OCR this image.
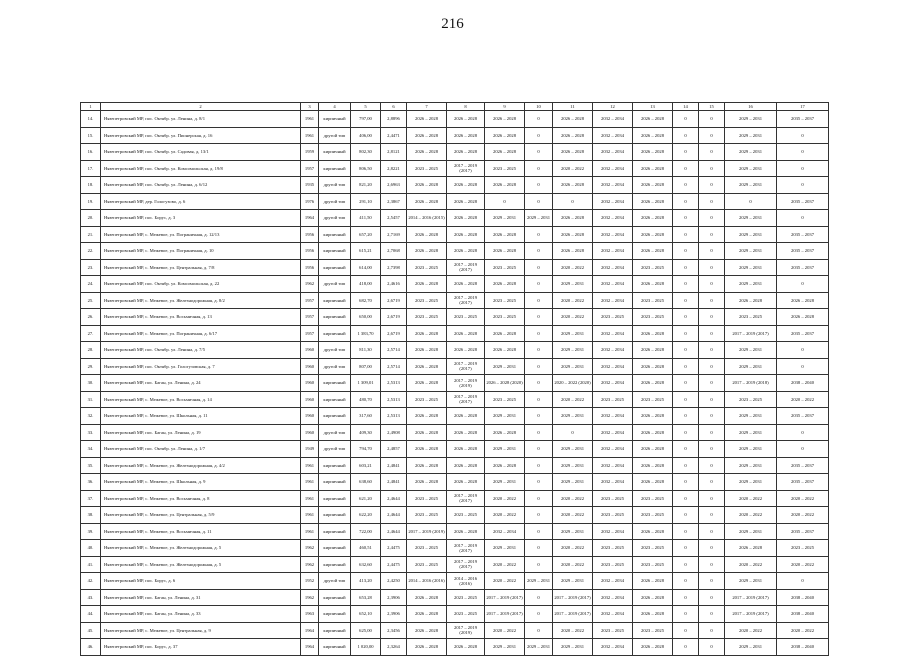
216
1	2	3	4	5	6	7	8	9	10	11	12	13	14	15	16	17
14.	Нязепетровский МР, пос. Октябр. ул. Ленина, д. 8/1	1961	кирпичный	797,00	2,8896	2026 – 2028	2026 – 2028	2026 – 2028	0	2026 – 2028	2032 – 2034	2026 – 2028	0	0	2029 – 2031	2035 – 2037
15.	Нязепетровский МР, пос. Октябр. ул. Пионерская, д. 16	1961	другой тип	406,00	2,4471	2026 – 2028	2026 – 2028	2026 – 2028	0	2026 – 2028	2032 – 2034	2026 – 2028	0	0	2029 – 2031	0
16.	Нязепетровский МР, пос. Октябр. ул. Садовая, д. 13/1	1959	кирпичный	802,30	2,8121	2026 – 2028	2026 – 2028	2026 – 2028	0	2026 – 2028	2032 – 2034	2026 – 2028	0	0	2029 – 2031	0
17.	Нязепетровский МР, пос. Октябр. ул. Комсомольская, д. 19/8	1957	кирпичный	806,50	2,8221	2023 – 2025	2017 – 2019 (2017)	2023 – 2025	0	2020 – 2022	2032 – 2034	2026 – 2028	0	0	2029 – 2031	0
18.	Нязепетровский МР, пос. Октябр. ул. Ленина, д. 6/12	1935	другой тип	821,20	2,6963	2026 – 2028	2026 – 2028	2026 – 2028	0	2026 – 2028	2032 – 2034	2026 – 2028	0	0	2029 – 2031	0
19.	Нязепетровский МР, дер. Гологузово, д. 6	1976	другой тип	291,10	2,3867	2026 – 2028	2026 – 2028	0	0	0	2032 – 2034	2026 – 2028	0	0	0	2035 – 2037
20.	Нязепетровский МР, пос. Борус, д. 3	1964	другой тип	411,50	2,5457	2014 – 2016 (2015)	2026 – 2028	2029 – 2031	2029 – 2031	2026 – 2028	2032 – 2034	2026 – 2028	0	0	2029 – 2031	0
21.	Нязепетровский МР, с. Межевое, ул. Пограничная, д. 12/13	1956	кирпичный	657,20	2,7169	2026 – 2028	2026 – 2028	2026 – 2028	0	2026 – 2028	2032 – 2034	2026 – 2028	0	0	2029 – 2031	2035 – 2037
22.	Нязепетровский МР, с. Межевое, ул. Пограничная, д. 10	1956	кирпичный	615,21	2,7068	2026 – 2028	2026 – 2028	2026 – 2028	0	2026 – 2028	2032 – 2034	2026 – 2028	0	0	2029 – 2031	2035 – 2037
23.	Нязепетровский МР, с. Межевое, ул. Центральная, д. 7/8	1956	кирпичный	614,00	2,7398	2023 – 2025	2017 – 2019 (2017)	2023 – 2025	0	2020 – 2022	2032 – 2034	2023 – 2025	0	0	2029 – 2031	2035 – 2037
24.	Нязепетровский МР, пос. Октябр. ул. Комсомольская, д. 22	1962	другой тип	418,00	2,4616	2026 – 2028	2026 – 2028	2026 – 2028	0	2029 – 2031	2032 – 2034	2026 – 2028	0	0	2029 – 2031	0
25.	Нязепетровский МР, с. Межевое, ул. Железнодорожная, д. 8/2	1957	кирпичный	682,70	2,6719	2023 – 2025	2017 – 2019 (2017)	2023 – 2025	0	2020 – 2022	2032 – 2034	2023 – 2025	0	0	2026 – 2028	2026 – 2028
26.	Нязепетровский МР, с. Межевое, ул. Восьмичная, д. 13	1957	кирпичный	650,00	2,6719	2023 – 2025	2023 – 2025	2023 – 2025	0	2020 – 2022	2023 – 2025	2023 – 2025	0	0	2023 – 2025	2026 – 2028
27.	Нязепетровский МР, с. Межевое, ул. Пограничная, д. 6/17	1957	кирпичный	1 383,70	2,6719	2026 – 2028	2026 – 2028	2026 – 2028	0	2029 – 2031	2032 – 2034	2026 – 2028	0	0	2017 – 2019 (2017)	2035 – 2037
28.	Нязепетровский МР, пос. Октябр. ул. Ленина, д. 7/5	1960	другой тип	811,30	2,5714	2026 – 2028	2026 – 2028	2026 – 2028	0	2029 – 2031	2032 – 2034	2026 – 2028	0	0	2029 – 2031	0
29.	Нязепетровский МР, пос. Октябр. ул. Гологузовская, д. 7	1960	другой тип	807,00	2,5714	2026 – 2028	2017 – 2019 (2017)	2029 – 2031	0	2029 – 2031	2032 – 2034	2026 – 2028	0	0	2029 – 2031	0
30.	Нязепетровский МР, пос. Баган, ул. Ленина, д. 24	1960	кирпичный	1 309,01	2,5313	2026 – 2028	2017 – 2019 (2019)	2026 – 2028 (2020)	0	2020 – 2022 (2020)	2032 – 2034	2026 – 2028	0	0	2017 – 2019 (2018)	2038 – 2040
31.	Нязепетровский МР, с. Межевое, ул. Восьмичная, д. 14	1960	кирпичный	480,70	2,5313	2023 – 2025	2017 – 2019 (2017)	2023 – 2025	0	2020 – 2022	2023 – 2025	2023 – 2025	0	0	2023 – 2025	2020 – 2022
32.	Нязепетровский МР, с. Межевое, ул. Школьная, д. 11	1960	кирпичный	317,60	2,5313	2026 – 2028	2026 – 2028	2029 – 2031	0	2029 – 2031	2032 – 2034	2026 – 2028	0	0	2029 – 2031	2035 – 2037
33.	Нязепетровский МР, пос. Баган, ул. Ленина, д. 19	1960	другой тип	409,30	2,4908	2026 – 2028	2026 – 2028	2026 – 2028	0	0	2032 – 2034	2026 – 2028	0	0	2029 – 2031	0
34.	Нязепетровский МР, пос. Октябр. ул. Ленина, д. 1/7	1949	другой тип	794,70	2,4857	2026 – 2028	2026 – 2028	2029 – 2031	0	2029 – 2031	2032 – 2034	2026 – 2028	0	0	2029 – 2031	0
35.	Нязепетровский МР, с. Межевое, ул. Железнодорожная, д. 4/2	1961	кирпичный	603,21	2,4841	2026 – 2028	2026 – 2028	2026 – 2028	0	2029 – 2031	2032 – 2034	2026 – 2028	0	0	2029 – 2031	2035 – 2037
36.	Нязепетровский МР, с. Межевое, ул. Школьная, д. 9	1961	кирпичный	638,60	2,4841	2026 – 2028	2026 – 2028	2029 – 2031	0	2029 – 2031	2032 – 2034	2026 – 2028	0	0	2029 – 2031	2035 – 2037
37.	Нязепетровский МР, с. Межевое, ул. Восьмичная, д. 8	1961	кирпичный	621,20	2,4644	2023 – 2025	2017 – 2019 (2017)	2020 – 2022	0	2020 – 2022	2023 – 2025	2023 – 2025	0	0	2020 – 2022	2020 – 2022
38.	Нязепетровский МР, с. Межевое, ул. Центральная, д. 5/9	1961	кирпичный	622,20	2,4644	2023 – 2025	2023 – 2025	2020 – 2022	0	2020 – 2022	2023 – 2025	2023 – 2025	0	0	2020 – 2022	2020 – 2022
39.	Нязепетровский МР, с. Межевое, ул. Восьмичная, д. 11	1961	кирпичный	722,00	2,4644	2017 – 2019 (2019)	2026 – 2028	2032 – 2034	0	2029 – 2031	2032 – 2034	2026 – 2028	0	0	2029 – 2031	2035 – 2037
40.	Нязепетровский МР, с. Межевое, ул. Железнодорожная, д. 5	1962	кирпичный	460,51	2,4475	2023 – 2025	2017 – 2019 (2017)	2029 – 2031	0	2020 – 2022	2023 – 2025	2023 – 2025	0	0	2026 – 2028	2023 – 2025
41.	Нязепетровский МР, с. Межевое, ул. Железнодорожная, д. 5	1962	кирпичный	632,60	2,4475	2023 – 2025	2017 – 2019 (2017)	2020 – 2022	0	2020 – 2022	2023 – 2025	2023 – 2025	0	0	2020 – 2022	2020 – 2022
42.	Нязепетровский МР, пос. Борус, д. 6	1952	другой тип	413,20	2,4250	2014 – 2016 (2016)	2014 – 2016 (2016)	2020 – 2022	2029 – 2031	2029 – 2031	2032 – 2034	2026 – 2028	0	0	2029 – 2031	0
43.	Нязепетровский МР, пос. Баган, ул. Ленина, д. 31	1962	кирпичный	653,28	2,3906	2026 – 2028	2023 – 2025	2017 – 2019 (2017)	0	2017 – 2019 (2017)	2032 – 2034	2026 – 2028	0	0	2017 – 2019 (2017)	2038 – 2040
44.	Нязепетровский МР, пос. Баган, ул. Ленина, д. 33	1963	кирпичный	652,10	2,3906	2026 – 2028	2023 – 2025	2017 – 2019 (2017)	0	2017 – 2019 (2017)	2032 – 2034	2026 – 2028	0	0	2017 – 2019 (2017)	2038 – 2040
45.	Нязепетровский МР, с. Межевое, ул. Центральная, д. 9	1964	кирпичный	625,00	2,3456	2026 – 2028	2017 – 2019 (2019)	2020 – 2022	0	2020 – 2022	2023 – 2025	2023 – 2025	0	0	2020 – 2022	2020 – 2022
46.	Нязепетровский МР, пос. Борус, д. 37	1964	кирпичный	1 020,00	2,3264	2026 – 2028	2026 – 2028	2029 – 2031	2029 – 2031	2029 – 2031	2032 – 2034	2026 – 2028	0	0	2029 – 2031	2038 – 2040
